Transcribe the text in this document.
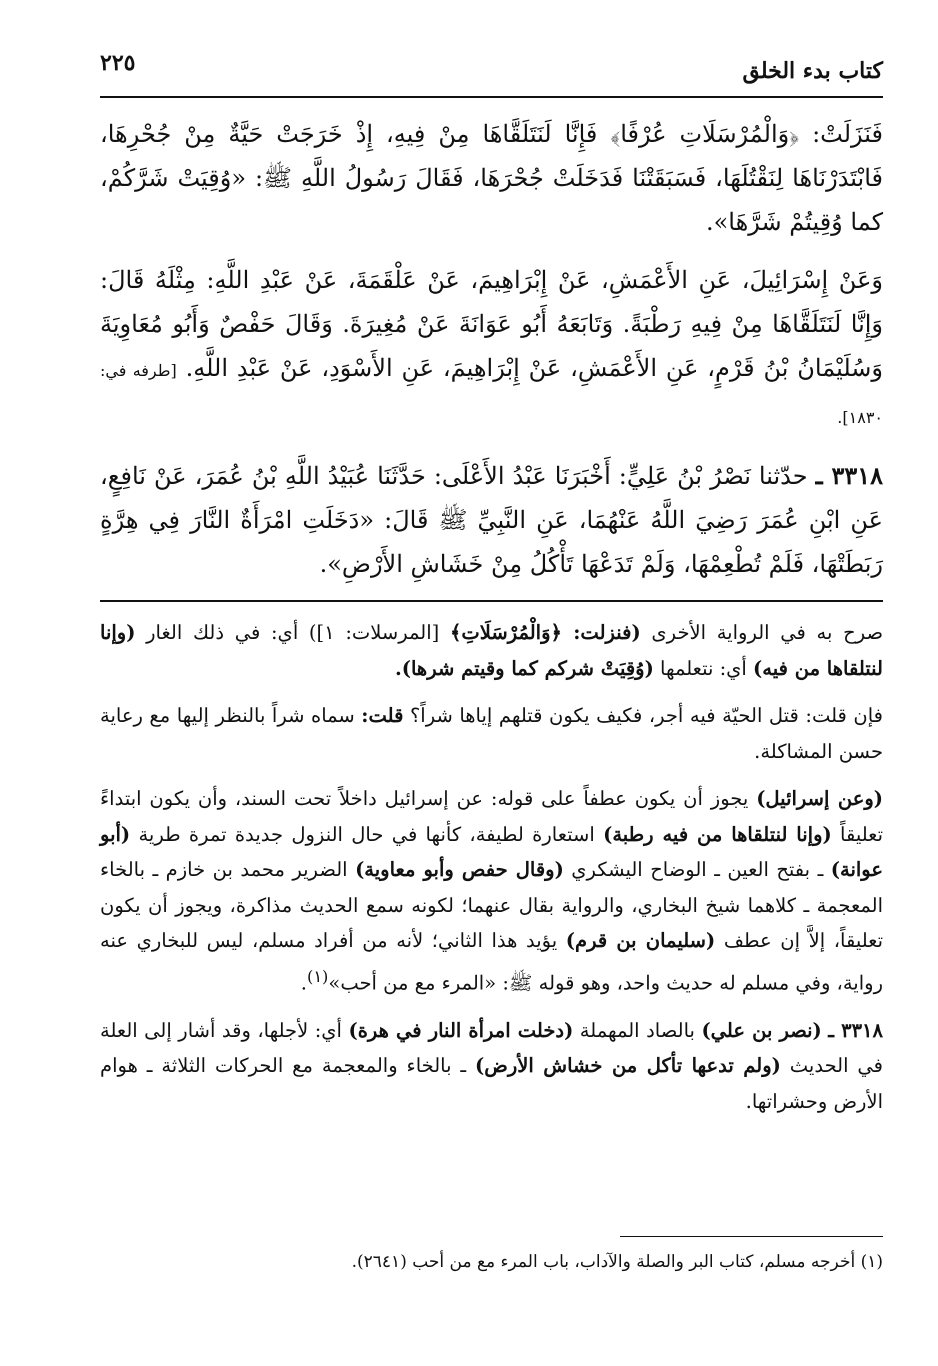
كتاب بدء الخلق
٢٢٥

فَنَزَلَتْ: ﴿وَالْمُرْسَلَاتِ عُرْفًا﴾ فَإِنَّا لَنَتَلَقَّاهَا مِنْ فِيهِ، إِذْ خَرَجَتْ حَيَّةٌ مِنْ جُحْرِهَا، فَابْتَدَرْنَاهَا لِنَقْتُلَهَا، فَسَبَقَتْنَا فَدَخَلَتْ جُحْرَهَا، فَقَالَ رَسُولُ اللَّهِ ﷺ: «وُقِيَتْ شَرَّكُمْ، كما وُقِيتُمْ شَرَّهَا».

وَعَنْ إِسْرَائِيلَ، عَنِ الأَعْمَشِ، عَنْ إِبْرَاهِيمَ، عَنْ عَلْقَمَةَ، عَنْ عَبْدِ اللَّهِ: مِثْلَهُ قَالَ: وَإِنَّا لَنَتَلَقَّاهَا مِنْ فِيهِ رَطْبَةً. وَتَابَعَهُ أَبُو عَوَانَةَ عَنْ مُغِيرَةَ. وَقَالَ حَفْصٌ وَأَبُو مُعَاوِيَةَ وَسُلَيْمَانُ بْنُ قَرْمٍ، عَنِ الأَعْمَشِ، عَنْ إِبْرَاهِيمَ، عَنِ الأَسْوَدِ، عَنْ عَبْدِ اللَّهِ. [طرفه في: ١٨٣٠].

٣٣١٨ ـ حدّثنا نَصْرُ بْنُ عَلِيٍّ: أَخْبَرَنَا عَبْدُ الأَعْلَى: حَدَّثَنَا عُبَيْدُ اللَّهِ بْنُ عُمَرَ، عَنْ نَافِعٍ، عَنِ ابْنِ عُمَرَ رَضِيَ اللَّهُ عَنْهُمَا، عَنِ النَّبِيِّ ﷺ قَالَ: «دَخَلَتِ امْرَأَةٌ النَّارَ فِي هِرَّةٍ رَبَطَتْهَا، فَلَمْ تُطْعِمْهَا، وَلَمْ تَدَعْهَا تَأْكُلُ مِنْ خَشَاشِ الأَرْضِ».

صرح به في الرواية الأخرى (فنزلت: ﴿وَالْمُرْسَلَاتِ﴾ [المرسلات: ١]) أي: في ذلك الغار (وإنا لنتلقاها من فيه) أي: نتعلمها (وُقِيَتْ شركم كما وقيتم شرها).

فإن قلت: قتل الحيّة فيه أجر، فكيف يكون قتلهم إياها شراً؟ قلت: سماه شراً بالنظر إليها مع رعاية حسن المشاكلة.

(وعن إسرائيل) يجوز أن يكون عطفاً على قوله: عن إسرائيل داخلاً تحت السند، وأن يكون ابتداءً تعليقاً (وإنا لنتلقاها من فيه رطبة) استعارة لطيفة، كأنها في حال النزول جديدة تمرة طرية (أبو عوانة) ـ بفتح العين ـ الوضاح اليشكري (وقال حفص وأبو معاوية) الضرير محمد بن خازم ـ بالخاء المعجمة ـ كلاهما شيخ البخاري، والرواية بقال عنهما؛ لكونه سمع الحديث مذاكرة، ويجوز أن يكون تعليقاً، إلاَّ إن عطف (سليمان بن قرم) يؤيد هذا الثاني؛ لأنه من أفراد مسلم، ليس للبخاري عنه رواية، وفي مسلم له حديث واحد، وهو قوله ﷺ: «المرء مع من أحب»$^{(١)}$.

٣٣١٨ ـ (نصر بن علي) بالصاد المهملة (دخلت امرأة النار في هرة) أي: لأجلها، وقد أشار إلى العلة في الحديث (ولم تدعها تأكل من خشاش الأرض) ـ بالخاء والمعجمة مع الحركات الثلاثة ـ هوام الأرض وحشراتها.

(١) أخرجه مسلم، كتاب البر والصلة والآداب، باب المرء مع من أحب (٢٦٤١).
